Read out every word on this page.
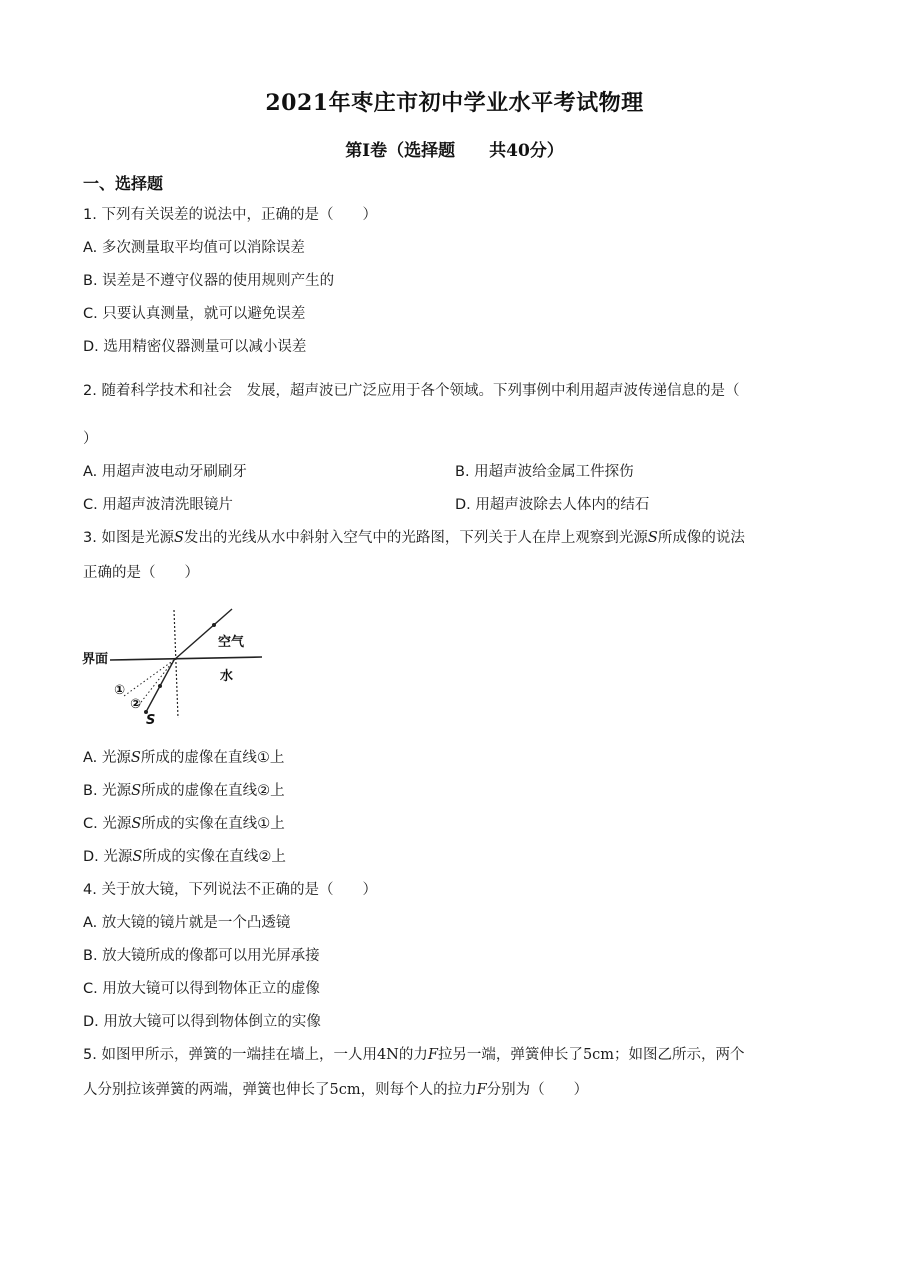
2021年枣庄市初中学业水平考试物理
第Ⅰ卷（选择题　　共40分）
一、选择题
1. 下列有关误差的说法中，正确的是（　　）
A. 多次测量取平均值可以消除误差
B. 误差是不遵守仪器的使用规则产生的
C. 只要认真测量，就可以避免误差
D. 选用精密仪器测量可以减小误差
2. 随着科学技术和社会　发展，超声波已广泛应用于各个领域。下列事例中利用超声波传递信息的是（
）
A. 用超声波电动牙刷刷牙	B. 用超声波给金属工件探伤
C. 用超声波清洗眼镜片	D. 用超声波除去人体内的结石
3. 如图是光源S发出的光线从水中斜射入空气中的光路图，下列关于人在岸上观察到光源S所成像的说法
正确的是（　　）
界面
空气
水
①
②
S
A. 光源S所成的虚像在直线①上
B. 光源S所成的虚像在直线②上
C. 光源S所成的实像在直线①上
D. 光源S所成的实像在直线②上
4. 关于放大镜，下列说法不正确的是（　　）
A. 放大镜的镜片就是一个凸透镜
B. 放大镜所成的像都可以用光屏承接
C. 用放大镜可以得到物体正立的虚像
D. 用放大镜可以得到物体倒立的实像
5. 如图甲所示，弹簧的一端挂在墙上，一人用4N的力F拉另一端，弹簧伸长了5cm；如图乙所示，两个
人分别拉该弹簧的两端，弹簧也伸长了5cm，则每个人的拉力F分别为（　　）
